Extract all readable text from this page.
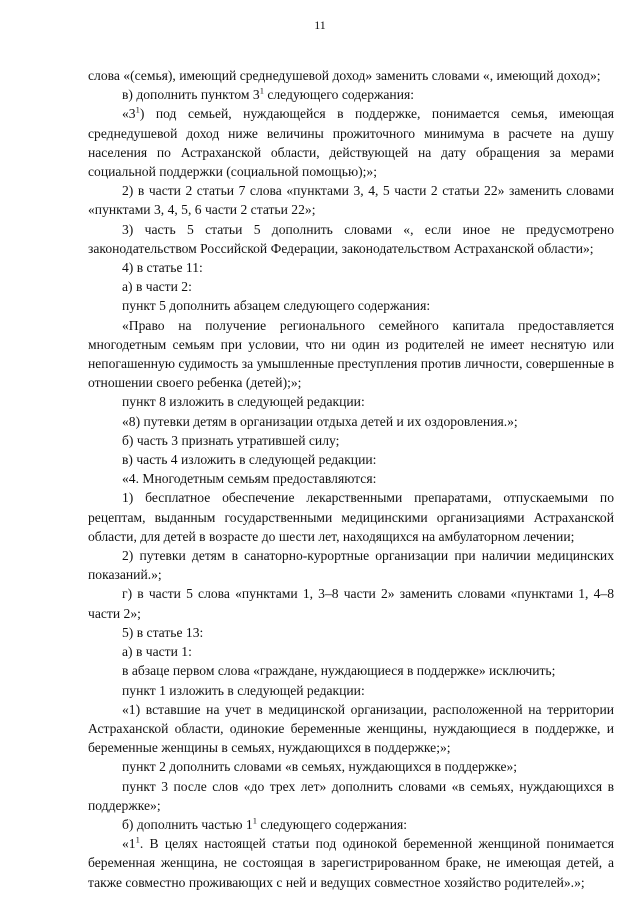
11

слова «(семья), имеющий среднедушевой доход» заменить словами «, имеющий доход»;

в) дополнить пунктом $3^1$ следующего содержания:

«$3^1$) под семьей, нуждающейся в поддержке, понимается семья, имеющая среднедушевой доход ниже величины прожиточного минимума в расчете на душу населения по Астраханской области, действующей на дату обращения за мерами социальной поддержки (социальной помощью);»;

2) в части 2 статьи 7 слова «пунктами 3, 4, 5 части 2 статьи 22» заменить словами «пунктами 3, 4, 5, 6 части 2 статьи 22»;

3) часть 5 статьи 5 дополнить словами «, если иное не предусмотрено законодательством Российской Федерации, законодательством Астраханской области»;

4) в статье 11:

а) в части 2:

пункт 5 дополнить абзацем следующего содержания:

«Право на получение регионального семейного капитала предоставляется многодетным семьям при условии, что ни один из родителей не имеет неснятую или непогашенную судимость за умышленные преступления против личности, совершенные в отношении своего ребенка (детей);»;

пункт 8 изложить в следующей редакции:

«8) путевки детям в организации отдыха детей и их оздоровления.»;

б) часть 3 признать утратившей силу;

в) часть 4 изложить в следующей редакции:

«4. Многодетным семьям предоставляются:

1) бесплатное обеспечение лекарственными препаратами, отпускаемыми по рецептам, выданным государственными медицинскими организациями Астраханской области, для детей в возрасте до шести лет, находящихся на амбулаторном лечении;

2) путевки детям в санаторно-курортные организации при наличии медицинских показаний.»;

г) в части 5 слова «пунктами 1, 3–8 части 2» заменить словами «пунктами 1, 4–8 части 2»;

5) в статье 13:

а) в части 1:

в абзаце первом слова «граждане, нуждающиеся в поддержке» исключить;

пункт 1 изложить в следующей редакции:

«1) вставшие на учет в медицинской организации, расположенной на территории Астраханской области, одинокие беременные женщины, нуждающиеся в поддержке, и беременные женщины в семьях, нуждающихся в поддержке;»;

пункт 2 дополнить словами «в семьях, нуждающихся в поддержке»;

пункт 3 после слов «до трех лет» дополнить словами «в семьях, нуждающихся в поддержке»;

б) дополнить частью $1^1$ следующего содержания:

«$1^1$. В целях настоящей статьи под одинокой беременной женщиной понимается беременная женщина, не состоящая в зарегистрированном браке, не имеющая детей, а также совместно проживающих с ней и ведущих совместное хозяйство родителей».»;
